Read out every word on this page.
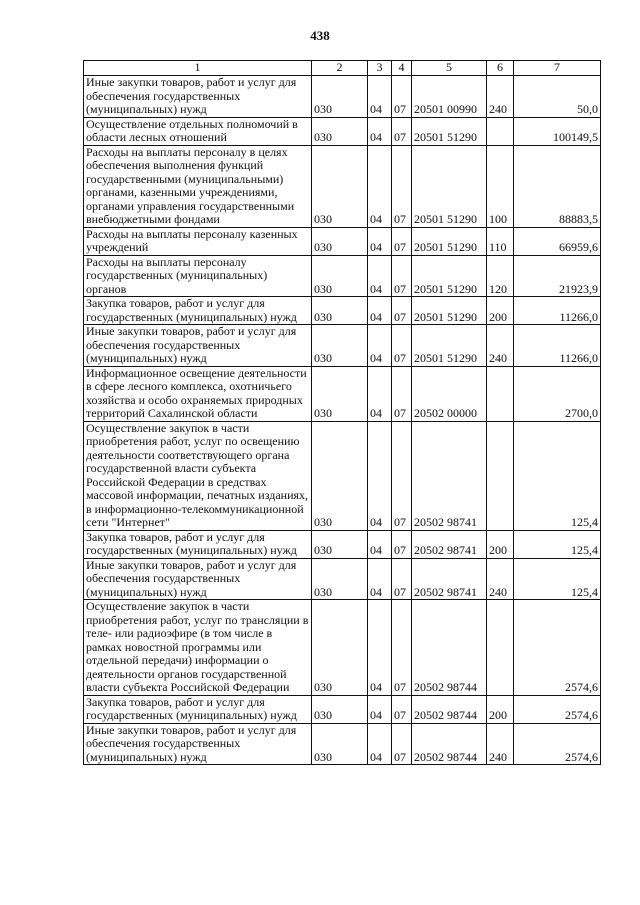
438
1	2	3	4	5	6	7
Иные закупки товаров, работ и услуг для обеспечения государственных (муниципальных) нужд	030	04	07	20501 00990	240	50,0
Осуществление отдельных полномочий в области лесных отношений	030	04	07	20501 51290		100149,5
Расходы на выплаты персоналу в целях обеспечения выполнения функций государственными (муниципальными) органами, казенными учреждениями, органами управления государственными внебюджетными фондами	030	04	07	20501 51290	100	88883,5
Расходы на выплаты персоналу казенных учреждений	030	04	07	20501 51290	110	66959,6
Расходы на выплаты персоналу государственных (муниципальных) органов	030	04	07	20501 51290	120	21923,9
Закупка товаров, работ и услуг для государственных (муниципальных) нужд	030	04	07	20501 51290	200	11266,0
Иные закупки товаров, работ и услуг для обеспечения государственных (муниципальных) нужд	030	04	07	20501 51290	240	11266,0
Информационное освещение деятельности в сфере лесного комплекса, охотничьего хозяйства и особо охраняемых природных территорий Сахалинской области	030	04	07	20502 00000		2700,0
Осуществление закупок в части приобретения работ, услуг по освещению деятельности соответствующего органа государственной власти субъекта Российской Федерации в средствах массовой информации, печатных изданиях, в информационно-телекоммуникационной сети "Интернет"	030	04	07	20502 98741		125,4
Закупка товаров, работ и услуг для государственных (муниципальных) нужд	030	04	07	20502 98741	200	125,4
Иные закупки товаров, работ и услуг для обеспечения государственных (муниципальных) нужд	030	04	07	20502 98741	240	125,4
Осуществление закупок в части приобретения работ, услуг по трансляции в теле- или радиоэфире (в том числе в рамках новостной программы или отдельной передачи) информации о деятельности органов государственной власти субъекта Российской Федерации	030	04	07	20502 98744		2574,6
Закупка товаров, работ и услуг для государственных (муниципальных) нужд	030	04	07	20502 98744	200	2574,6
Иные закупки товаров, работ и услуг для обеспечения государственных (муниципальных) нужд	030	04	07	20502 98744	240	2574,6
